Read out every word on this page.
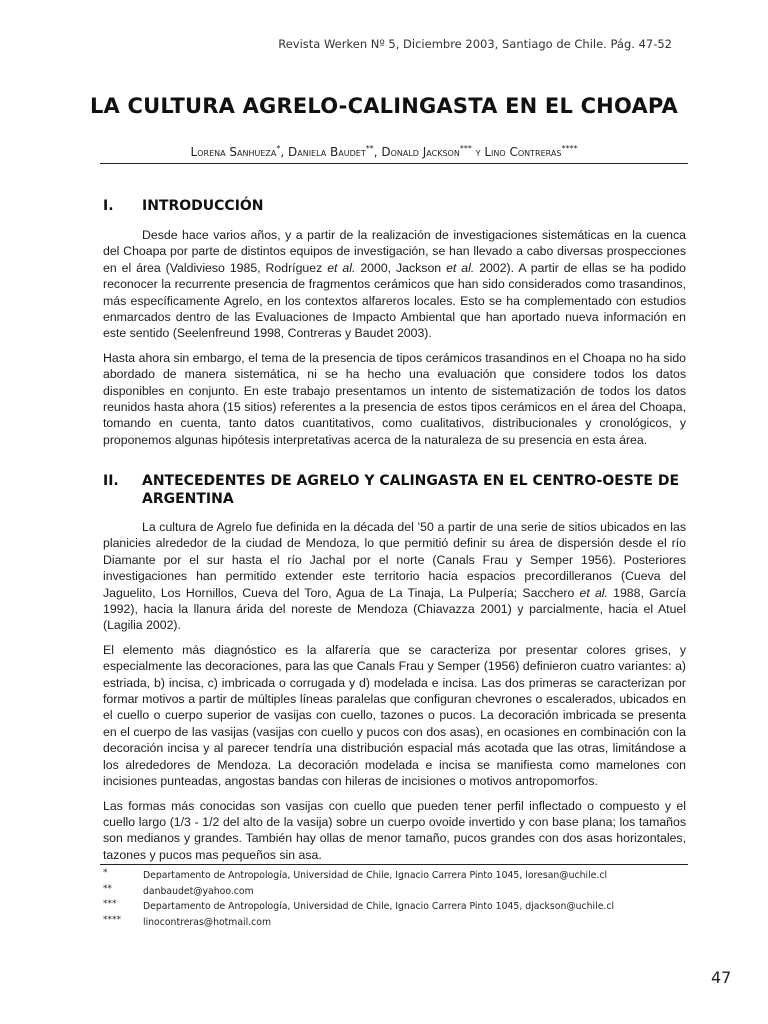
Revista Werken Nº 5, Diciembre 2003, Santiago de Chile. Pág. 47-52
LA CULTURA AGRELO-CALINGASTA EN EL CHOAPA
Lorena Sanhueza*, Daniela Baudet**, Donald Jackson*** y Lino Contreras****
I.	INTRODUCCIÓN

Desde hace varios años, y a partir de la realización de investigaciones sistemáticas en la cuenca del Choapa por parte de distintos equipos de investigación, se han llevado a cabo diversas prospecciones en el área (Valdivieso 1985, Rodríguez et al. 2000, Jackson et al. 2002). A partir de ellas se ha podido reconocer la recurrente presencia de fragmentos cerámicos que han sido considerados como trasandinos, más específicamente Agrelo, en los contextos alfareros locales. Esto se ha complementado con estudios enmarcados dentro de las Evaluaciones de Impacto Ambiental que han aportado nueva información en este sentido (Seelenfreund 1998, Contreras y Baudet 2003).

Hasta ahora sin embargo, el tema de la presencia de tipos cerámicos trasandinos en el Choapa no ha sido abordado de manera sistemática, ni se ha hecho una evaluación que considere todos los datos disponibles en conjunto. En este trabajo presentamos un intento de sistematización de todos los datos reunidos hasta ahora (15 sitios) referentes a la presencia de estos tipos cerámicos en el área del Choapa, tomando en cuenta, tanto datos cuantitativos, como cualitativos, distribucionales y cronológicos, y proponemos algunas hipótesis interpretativas acerca de la naturaleza de su presencia en esta área.

II.	ANTECEDENTES DE AGRELO Y CALINGASTA EN EL CENTRO-OESTE DE ARGENTINA

La cultura de Agrelo fue definida en la década del ’50 a partir de una serie de sitios ubicados en las planicies alrededor de la ciudad de Mendoza, lo que permitió definir su área de dispersión desde el río Diamante por el sur hasta el río Jachal por el norte (Canals Frau y Semper 1956). Posteriores investigaciones han permitido extender este territorio hacia espacios precordilleranos (Cueva del Jaguelito, Los Hornillos, Cueva del Toro, Agua de La Tinaja, La Pulpería; Sacchero et al. 1988, García 1992), hacia la llanura árida del noreste de Mendoza (Chiavazza 2001) y parcialmente, hacia el Atuel (Lagilia 2002).

El elemento más diagnóstico es la alfarería que se caracteriza por presentar colores grises, y especialmente las decoraciones, para las que Canals Frau y Semper (1956) definieron cuatro variantes: a) estriada, b) incisa, c) imbricada o corrugada y d) modelada e incisa. Las dos primeras se caracterizan por formar motivos a partir de múltiples líneas paralelas que configuran chevrones o escalerados, ubicados en el cuello o cuerpo superior de vasijas con cuello, tazones o pucos. La decoración imbricada se presenta en el cuerpo de las vasijas (vasijas con cuello y pucos con dos asas), en ocasiones en combinación con la decoración incisa y al parecer tendría una distribución espacial más acotada que las otras, limitándose a los alrededores de Mendoza. La decoración modelada e incisa se manifiesta como mamelones con incisiones punteadas, angostas bandas con hileras de incisiones o motivos antropomorfos.

Las formas más conocidas son vasijas con cuello que pueden tener perfil inflectado o compuesto y el cuello largo (1/3 - 1/2 del alto de la vasija) sobre un cuerpo ovoide invertido y con base plana; los tamaños son medianos y grandes. También hay ollas de menor tamaño, pucos grandes con dos asas horizontales, tazones y pucos mas pequeños sin asa.

*	Departamento de Antropología, Universidad de Chile, Ignacio Carrera Pinto 1045, loresan@uchile.cl
**	danbaudet@yahoo.com
***	Departamento de Antropología, Universidad de Chile, Ignacio Carrera Pinto 1045, djackson@uchile.cl
**** linocontreras@hotmail.com
47
